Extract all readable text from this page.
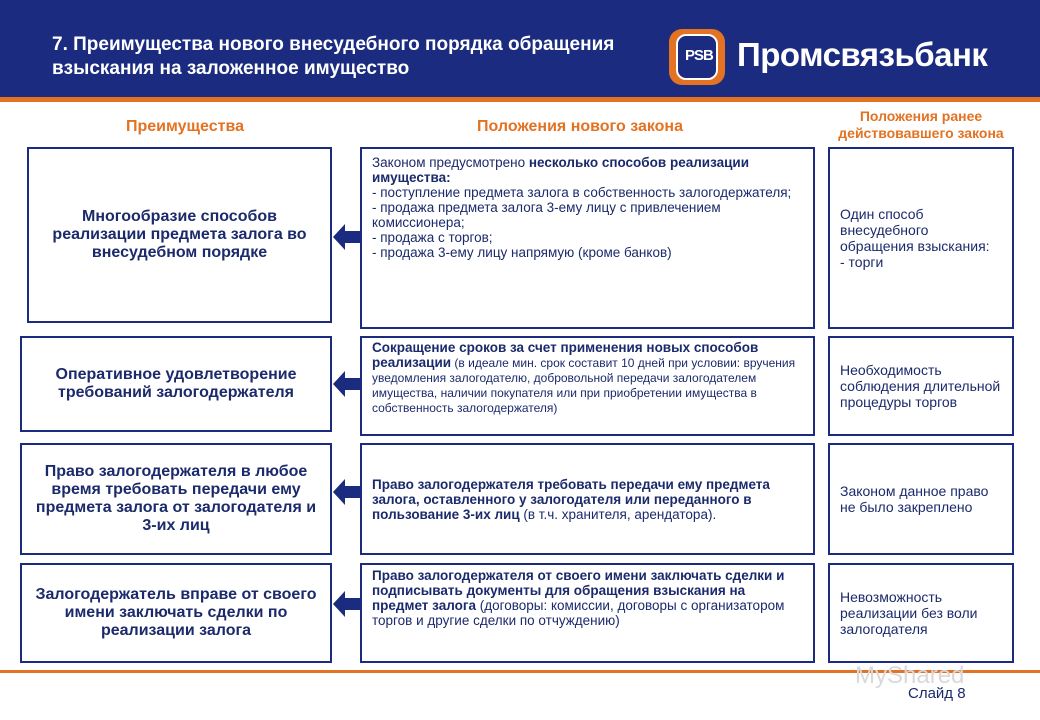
7. Преимущества нового внесудебного порядка обращения взыскания на заложенное имущество
PSB Промсвязьбанк
Преимущества	Положения нового закона
Положения ранее действовавшего закона
Многообразие способов реализации предмета залога во внесудебном порядке
Законом предусмотрено несколько способов реализации имущества:
- поступление предмета залога в собственность залогодержателя;
- продажа предмета залога 3-ему лицу с привлечением комиссионера;
- продажа с торгов;
- продажа 3-ему лицу напрямую (кроме банков)
Один способ внесудебного обращения взыскания:
- торги
Оперативное удовлетворение требований залогодержателя
Сокращение сроков за счет применения новых способов реализации (в идеале мин. срок составит 10 дней при условии: вручения уведомления залогодателю, добровольной передачи залогодателем имущества, наличии покупателя или при приобретении имущества в собственность залогодержателя)
Необходимость соблюдения длительной процедуры торгов
Право залогодержателя в любое время требовать передачи ему предмета залога от залогодателя и 3-их лиц
Право залогодержателя требовать передачи ему предмета залога, оставленного у залогодателя или переданного в пользование 3-их лиц (в т.ч. хранителя, арендатора).
Законом данное право не было закреплено
Залогодержатель вправе от своего имени заключать сделки по реализации залога
Право залогодержателя от своего имени заключать сделки и подписывать документы для обращения взыскания на предмет залога (договоры: комиссии, договоры с организатором торгов и другие сделки по отчуждению)
Невозможность реализации без воли залогодателя
MyShared
Слайд 8
